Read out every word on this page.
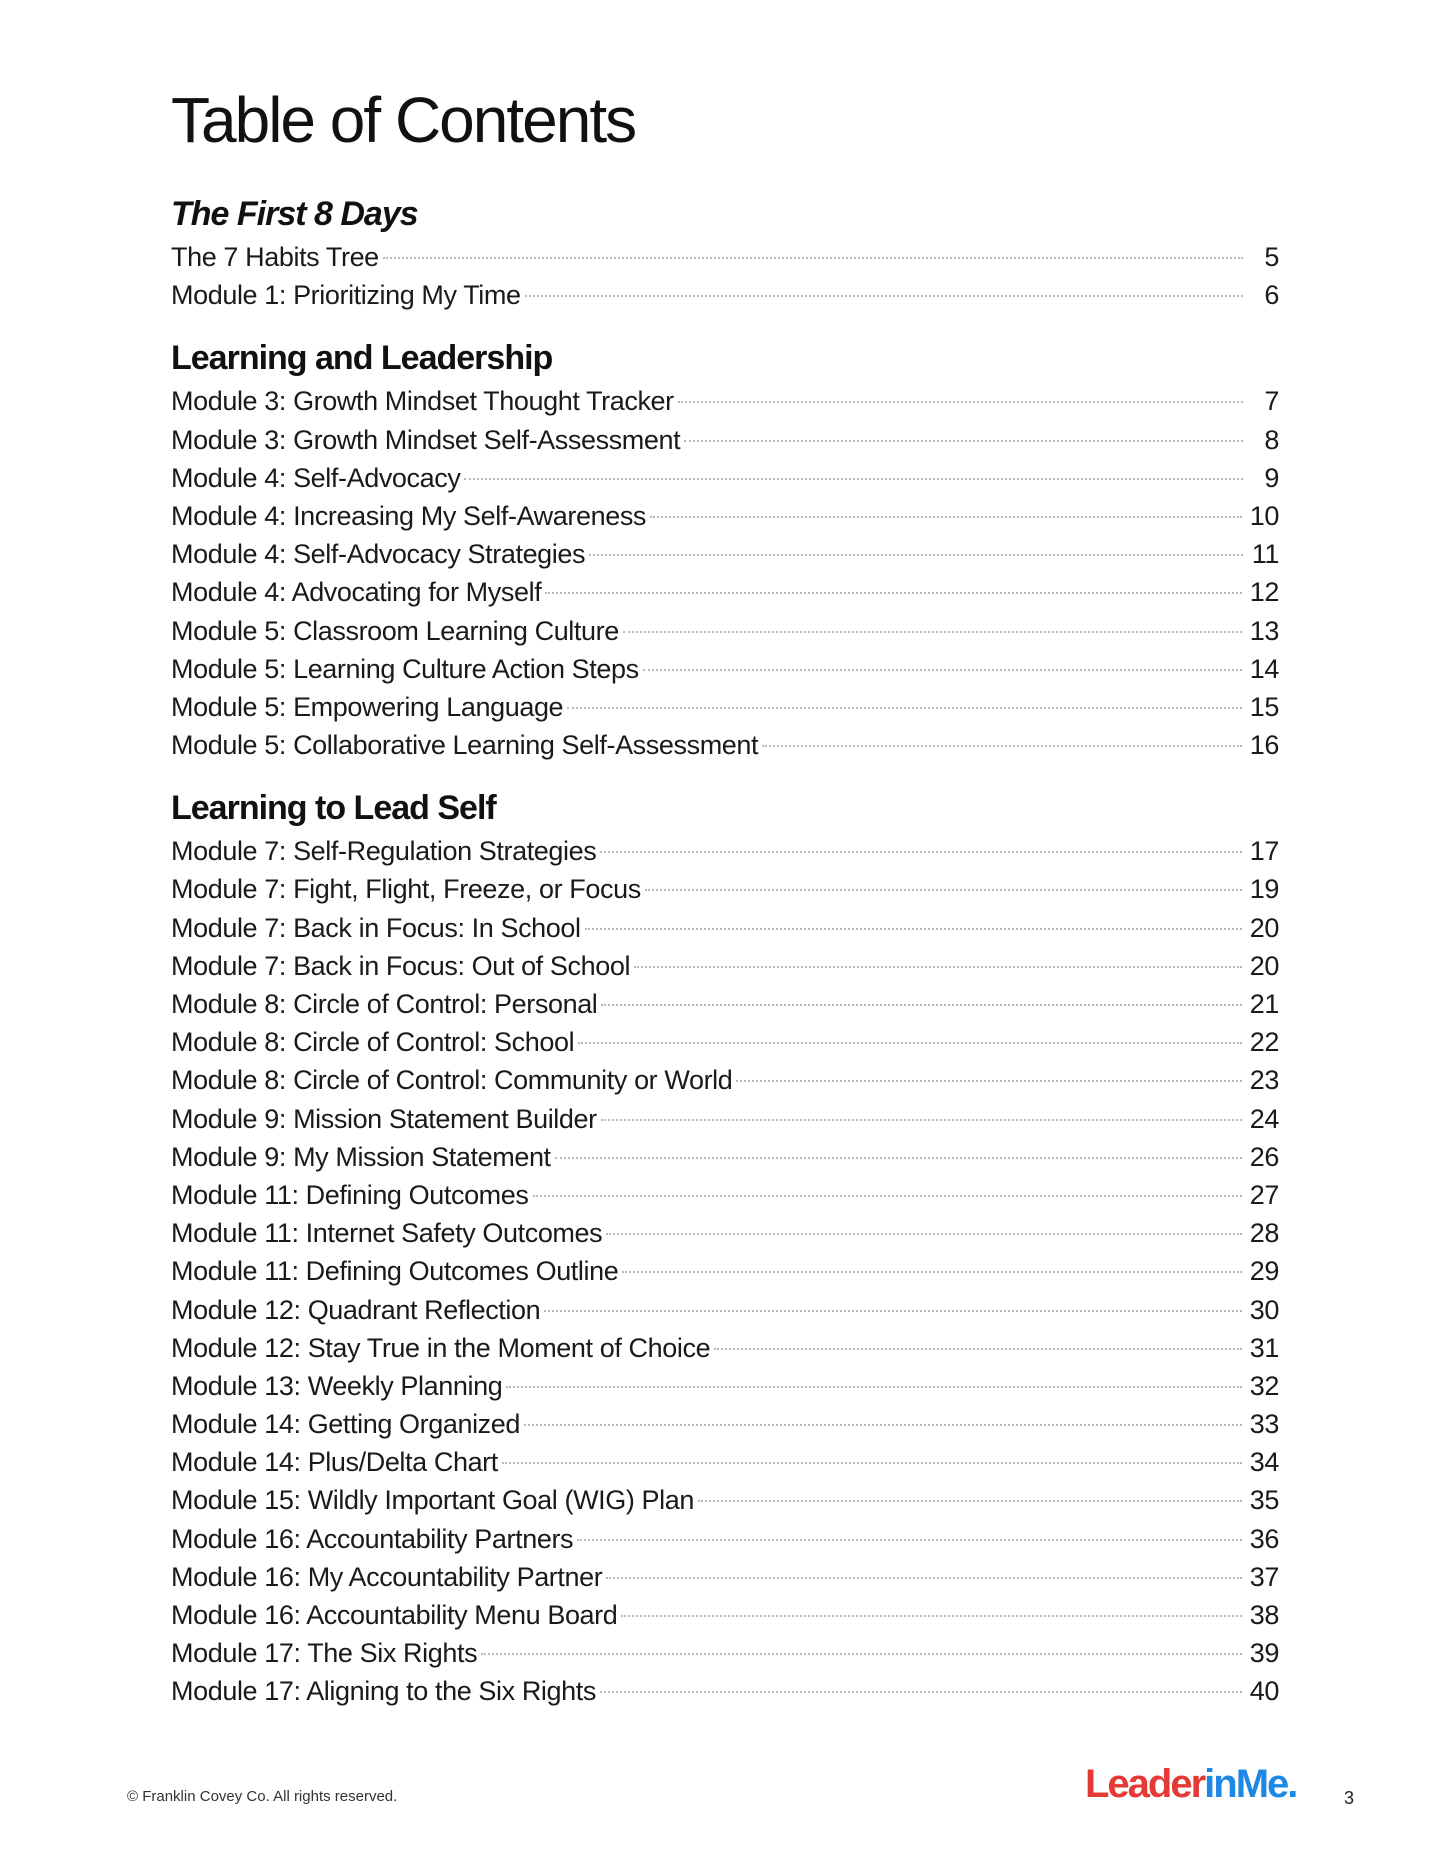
Table of Contents
The First 8 Days
The 7 Habits Tree	5
Module 1: Prioritizing My Time	6
Learning and Leadership
Module 3: Growth Mindset Thought Tracker	7
Module 3: Growth Mindset Self-Assessment	8
Module 4: Self-Advocacy	9
Module 4: Increasing My Self-Awareness	10
Module 4: Self-Advocacy Strategies	11
Module 4: Advocating for Myself	12
Module 5: Classroom Learning Culture	13
Module 5: Learning Culture Action Steps	14
Module 5: Empowering Language	15
Module 5: Collaborative Learning Self-Assessment	16
Learning to Lead Self
Module 7: Self-Regulation Strategies	17
Module 7: Fight, Flight, Freeze, or Focus	19
Module 7: Back in Focus: In School	20
Module 7: Back in Focus: Out of School	20
Module 8: Circle of Control: Personal	21
Module 8: Circle of Control: School	22
Module 8: Circle of Control: Community or World	23
Module 9: Mission Statement Builder	24
Module 9: My Mission Statement	26
Module 11: Defining Outcomes	27
Module 11: Internet Safety Outcomes	28
Module 11: Defining Outcomes Outline	29
Module 12: Quadrant Reflection	30
Module 12: Stay True in the Moment of Choice	31
Module 13: Weekly Planning	32
Module 14: Getting Organized	33
Module 14: Plus/Delta Chart	34
Module 15: Wildly Important Goal (WIG) Plan	35
Module 16: Accountability Partners	36
Module 16: My Accountability Partner	37
Module 16: Accountability Menu Board	38
Module 17: The Six Rights	39
Module 17: Aligning to the Six Rights	40
© Franklin Covey Co. All rights reserved.	LeaderinMe.	3
